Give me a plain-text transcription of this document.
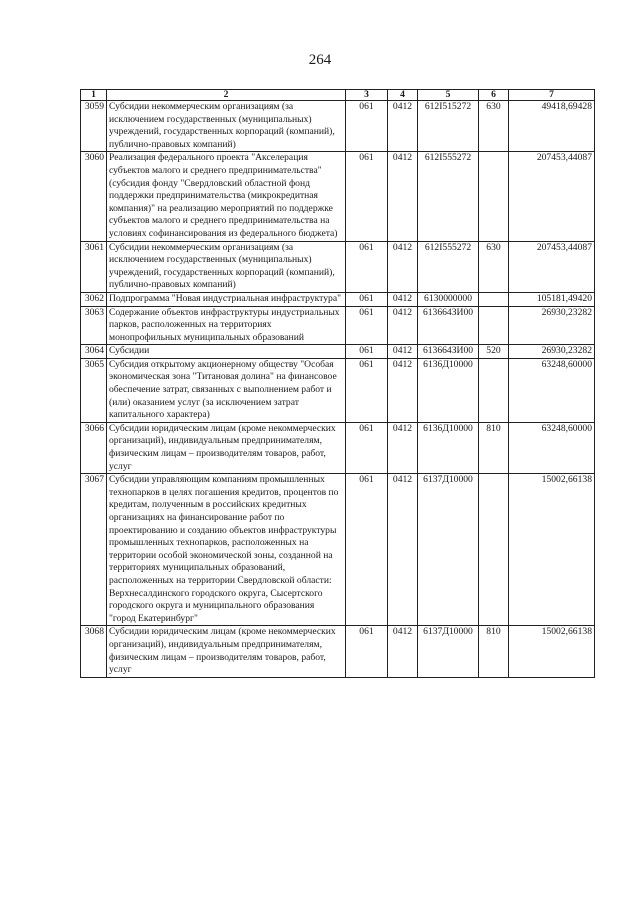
264
1	2	3	4	5	6	7
3059	Субсидии некоммерческим организациям (за исключением государственных (муниципальных) учреждений, государственных корпораций (компаний), публично-правовых компаний)	061	0412	612I515272	630	49418,69428
3060	Реализация федерального проекта "Акселерация субъектов малого и среднего предпринимательства" (субсидия фонду "Свердловский областной фонд поддержки предпринимательства (микрокредитная компания)" на реализацию мероприятий по поддержке субъектов малого и среднего предпринимательства на условиях софинансирования из федерального бюджета)	061	0412	612I555272		207453,44087
3061	Субсидии некоммерческим организациям (за исключением государственных (муниципальных) учреждений, государственных корпораций (компаний), публично-правовых компаний)	061	0412	612I555272	630	207453,44087
3062	Подпрограмма "Новая индустриальная инфраструктура"	061	0412	6130000000		105181,49420
3063	Содержание объектов инфраструктуры индустриальных парков, расположенных на территориях монопрофильных муниципальных образований	061	0412	613664ЗИ00		26930,23282
3064	Субсидии	061	0412	613664ЗИ00	520	26930,23282
3065	Субсидия открытому акционерному обществу "Особая экономическая зона "Титановая долина" на финансовое обеспечение затрат, связанных с выполнением работ и (или) оказанием услуг (за исключением затрат капитального характера)	061	0412	6136Д10000		63248,60000
3066	Субсидии юридическим лицам (кроме некоммерческих организаций), индивидуальным предпринимателям, физическим лицам – производителям товаров, работ, услуг	061	0412	6136Д10000	810	63248,60000
3067	Субсидии управляющим компаниям промышленных технопарков в целях погашения кредитов, процентов по кредитам, полученным в российских кредитных организациях на финансирование работ по проектированию и созданию объектов инфраструктуры промышленных технопарков, расположенных на территории особой экономической зоны, созданной на территориях муниципальных образований, расположенных на территории Свердловской области: Верхнесалдинского городского округа, Сысертского городского округа и муниципального образования "город Екатеринбург"	061	0412	6137Д10000		15002,66138
3068	Субсидии юридическим лицам (кроме некоммерческих организаций), индивидуальным предпринимателям, физическим лицам – производителям товаров, работ, услуг	061	0412	6137Д10000	810	15002,66138
